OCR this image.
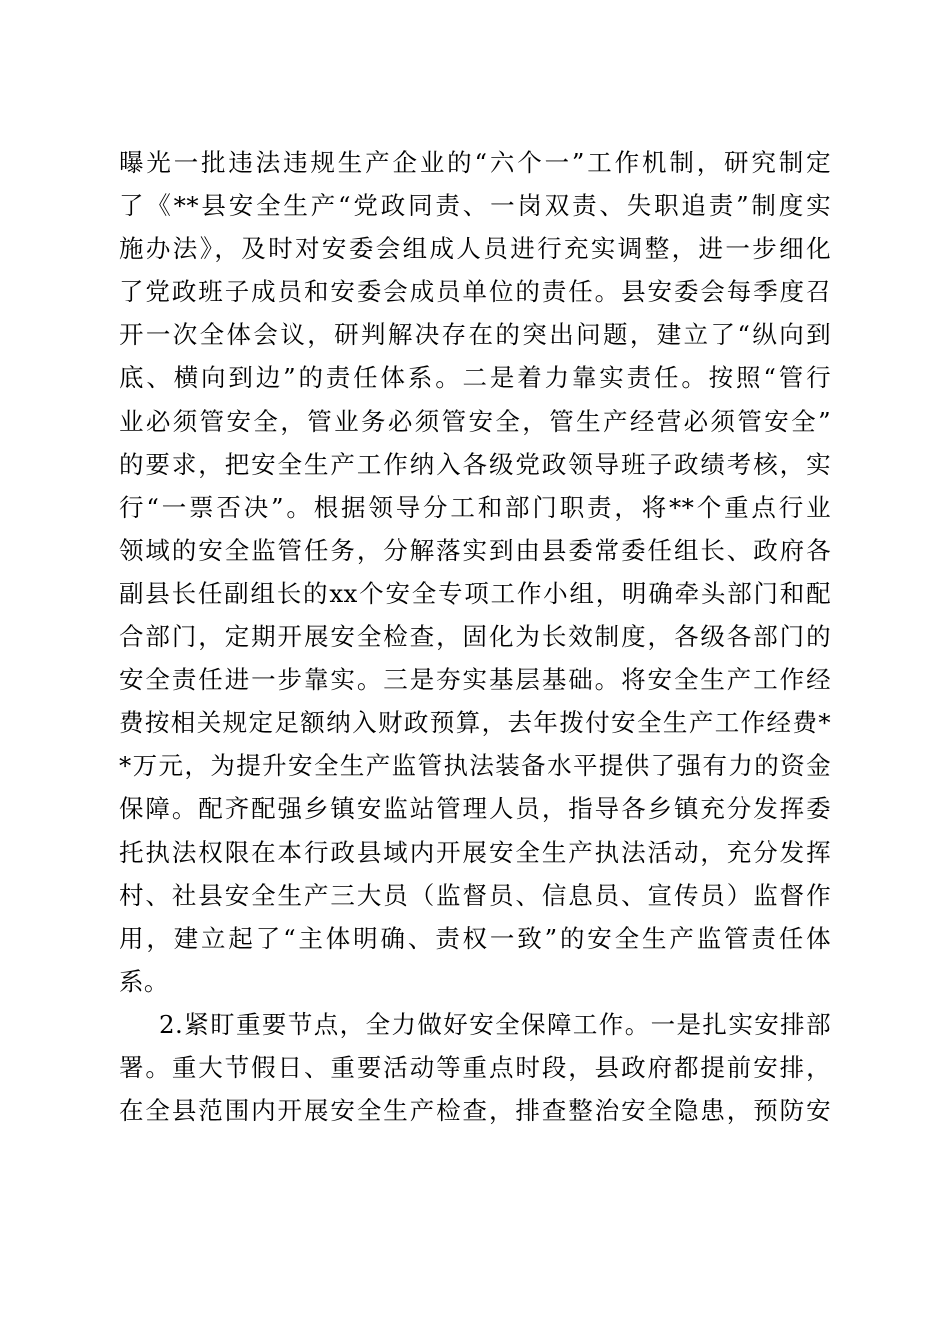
曝光一批违法违规生产企业的“六个一”工作机制，研究制定
了《**县安全生产“党政同责、一岗双责、失职追责”制度实
施办法》，及时对安委会组成人员进行充实调整，进一步细化
了党政班子成员和安委会成员单位的责任。县安委会每季度召
开一次全体会议，研判解决存在的突出问题，建立了“纵向到
底、横向到边”的责任体系。二是着力靠实责任。按照“管行
业必须管安全，管业务必须管安全，管生产经营必须管安全”
的要求，把安全生产工作纳入各级党政领导班子政绩考核，实
行“一票否决”。根据领导分工和部门职责，将**个重点行业
领域的安全监管任务，分解落实到由县委常委任组长、政府各
副县长任副组长的xx个安全专项工作小组，明确牵头部门和配
合部门，定期开展安全检查，固化为长效制度，各级各部门的
安全责任进一步靠实。三是夯实基层基础。将安全生产工作经
费按相关规定足额纳入财政预算，去年拨付安全生产工作经费*
*万元，为提升安全生产监管执法装备水平提供了强有力的资金
保障。配齐配强乡镇安监站管理人员，指导各乡镇充分发挥委
托执法权限在本行政县域内开展安全生产执法活动，充分发挥
村、社县安全生产三大员（监督员、信息员、宣传员）监督作
用，建立起了“主体明确、责权一致”的安全生产监管责任体
系。
2.紧盯重要节点，全力做好安全保障工作。一是扎实安排部
署。重大节假日、重要活动等重点时段，县政府都提前安排，
在全县范围内开展安全生产检查，排查整治安全隐患，预防安
